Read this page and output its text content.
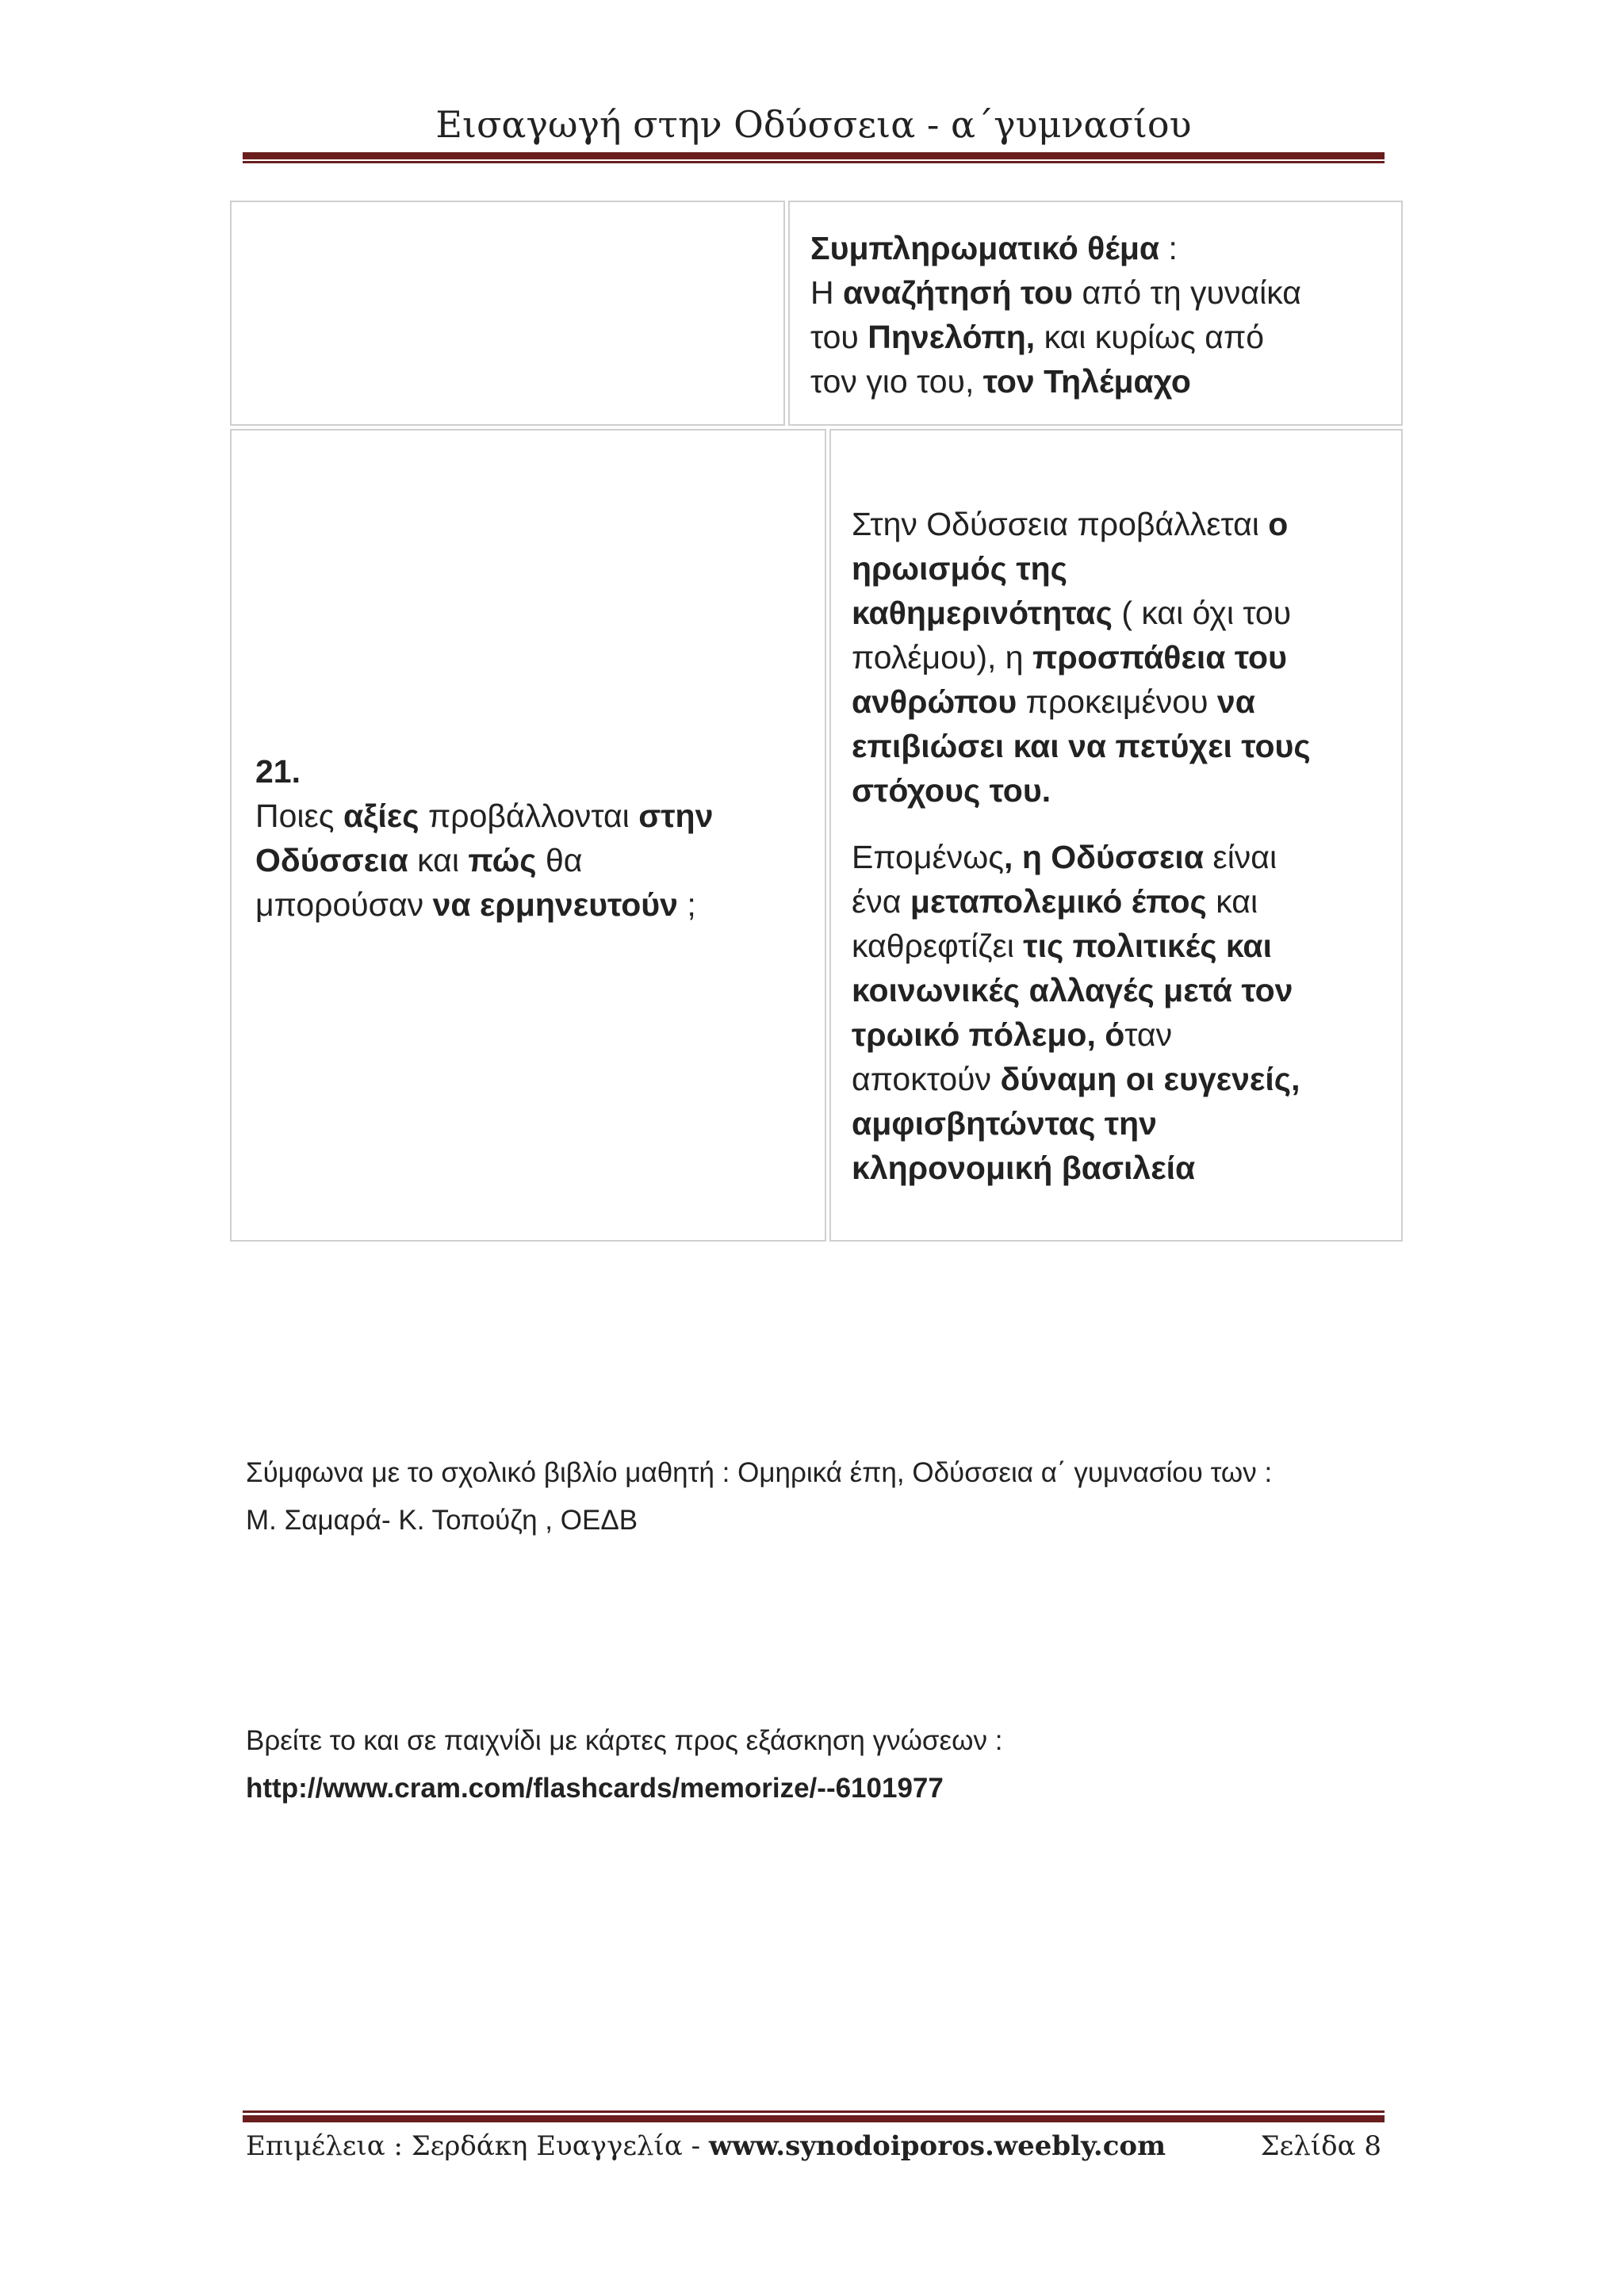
Εισαγωγή στην Οδύσσεια - α΄γυμνασίου

Συμπληρωματικό θέμα :

Η αναζήτησή του από τη γυναίκα

του Πηνελόπη, και κυρίως από

τον γιο του, τον Τηλέμαχο

21.

Ποιες αξίες προβάλλονται στην

Οδύσσεια και πώς θα

μπορούσαν να ερμηνευτούν ;

Στην Οδύσσεια προβάλλεται ο

ηρωισμός της

καθημερινότητας ( και όχι του

πολέμου), η προσπάθεια του

ανθρώπου προκειμένου να

επιβιώσει και να πετύχει τους

στόχους του.

Επομένως, η Οδύσσεια είναι

ένα μεταπολεμικό έπος και

καθρεφτίζει τις πολιτικές και

κοινωνικές αλλαγές μετά τον

τρωικό πόλεμο, όταν

αποκτούν δύναμη οι ευγενείς,

αμφισβητώντας την

κληρονομική βασιλεία

Σύμφωνα με το σχολικό βιβλίο μαθητή : Ομηρικά έπη, Οδύσσεια α΄ γυμνασίου των :
Μ. Σαμαρά- Κ. Τοπούζη , ΟΕΔΒ
Βρείτε το και σε παιχνίδι με κάρτες προς εξάσκηση γνώσεων :
http://www.cram.com/flashcards/memorize/--6101977
Επιμέλεια : Σερδάκη Ευαγγελία - www.synodoiporos.weebly.com	Σελίδα 8
